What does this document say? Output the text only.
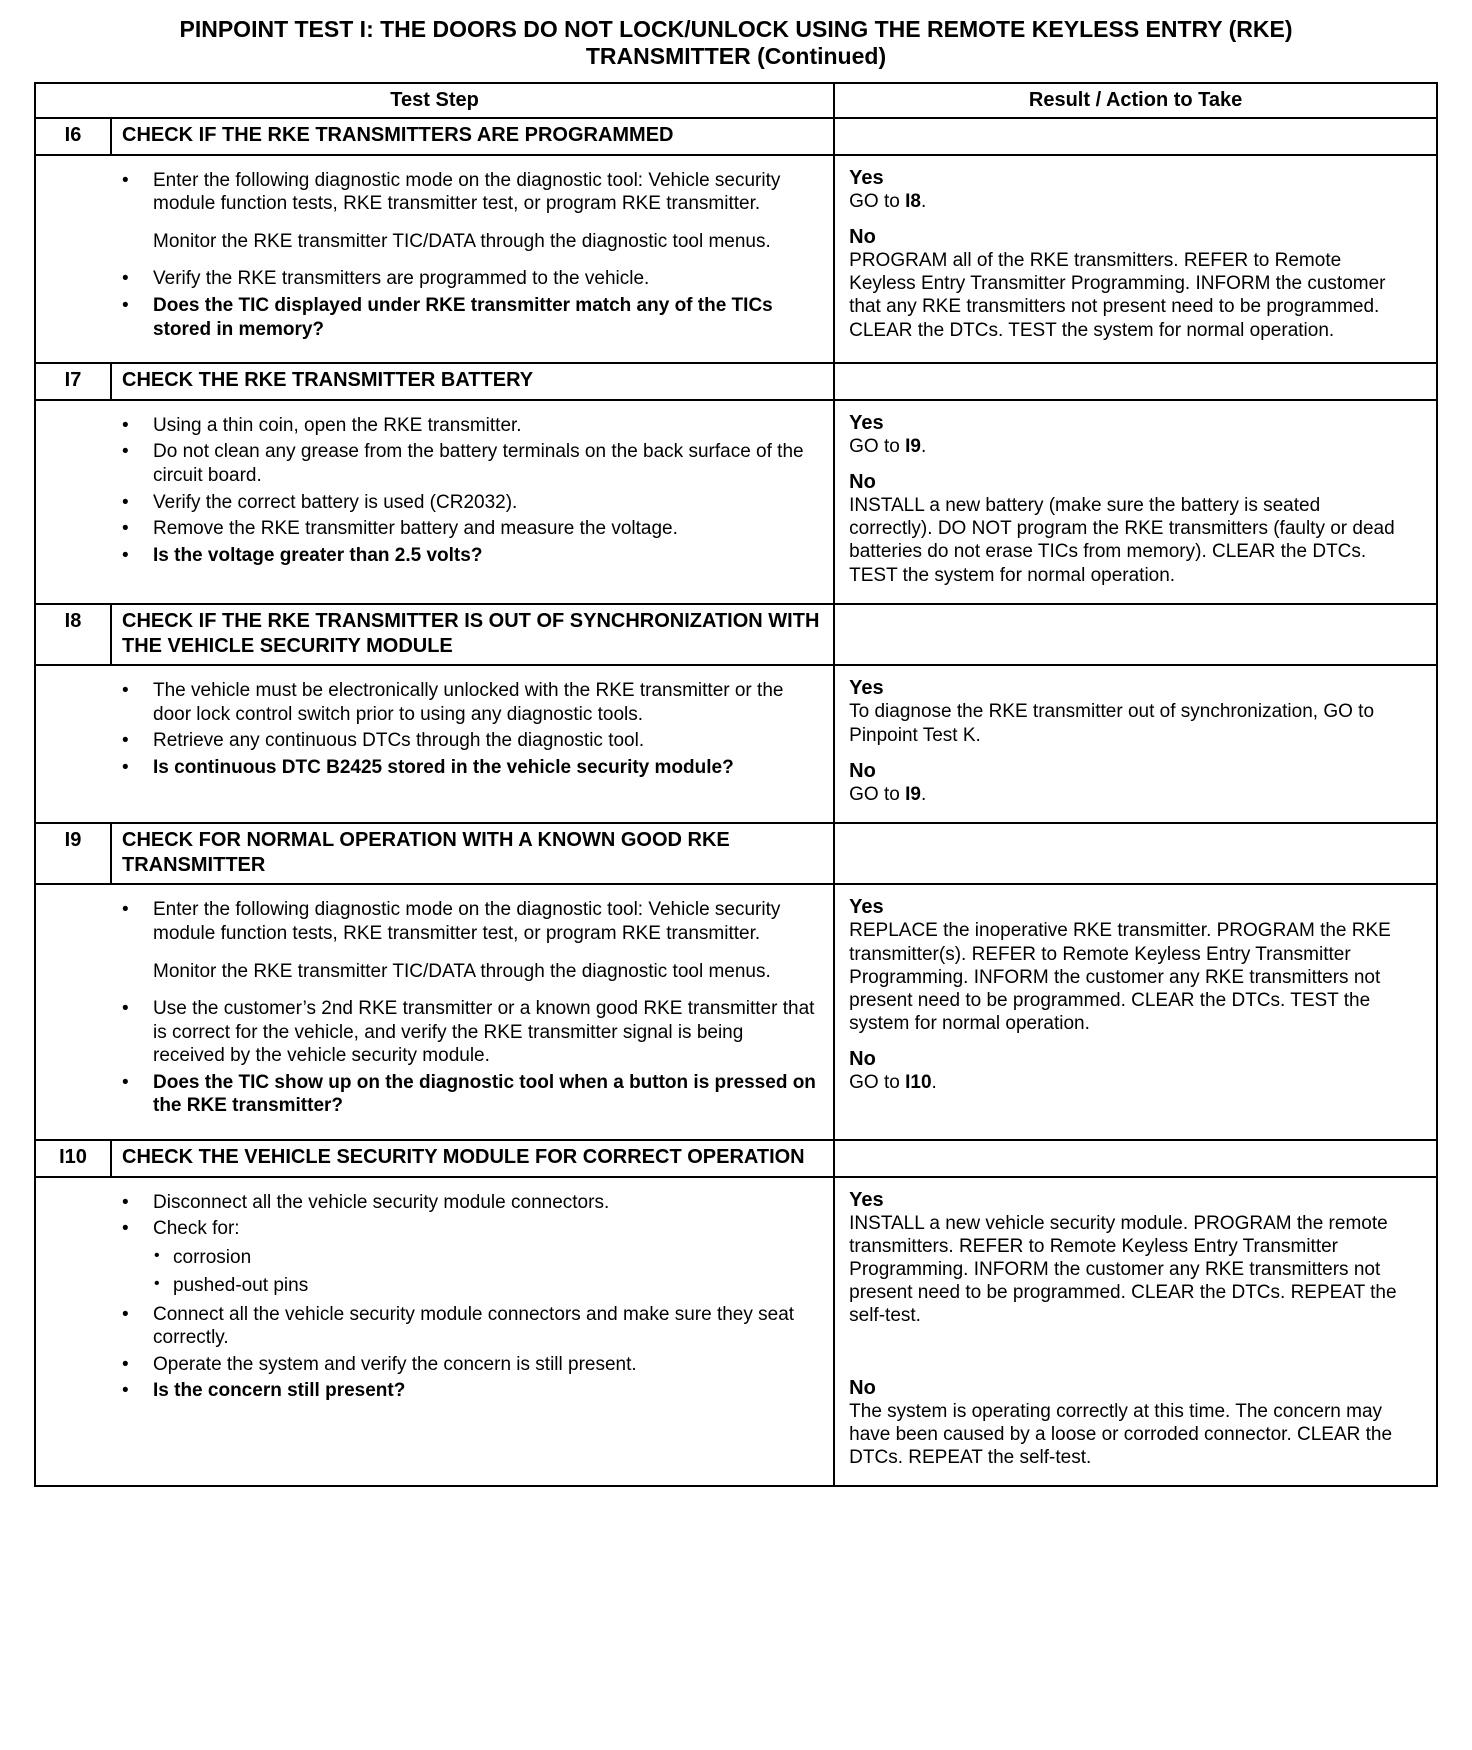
PINPOINT TEST I: THE DOORS DO NOT LOCK/UNLOCK USING THE REMOTE KEYLESS ENTRY (RKE)
TRANSMITTER (Continued)
Test Step		Result / Action to Take
I6	CHECK IF THE RKE TRANSMITTERS ARE PROGRAMMED	

•	Enter the following diagnostic mode on the diagnostic tool: Vehicle security module function tests, RKE transmitter test, or program RKE transmitter.
Monitor the RKE transmitter TIC/DATA through the diagnostic tool menus.
•	Verify the RKE transmitters are programmed to the vehicle.
•	Does the TIC displayed under RKE transmitter match any of the TICs stored in memory?

Yes
GO to I8.
No
PROGRAM all of the RKE transmitters. REFER to Remote Keyless Entry Transmitter Programming. INFORM the customer that any RKE transmitters not present need to be programmed. CLEAR the DTCs. TEST the system for normal operation.

I7	CHECK THE RKE TRANSMITTER BATTERY	

•	Using a thin coin, open the RKE transmitter.
•	Do not clean any grease from the battery terminals on the back surface of the circuit board.
•	Verify the correct battery is used (CR2032).
•	Remove the RKE transmitter battery and measure the voltage.
•	Is the voltage greater than 2.5 volts?

Yes
GO to I9.
No
INSTALL a new battery (make sure the battery is seated correctly). DO NOT program the RKE transmitters (faulty or dead batteries do not erase TICs from memory). CLEAR the DTCs. TEST the system for normal operation.

I8	CHECK IF THE RKE TRANSMITTER IS OUT OF SYNCHRONIZATION WITH THE VEHICLE SECURITY MODULE	

•	The vehicle must be electronically unlocked with the RKE transmitter or the door lock control switch prior to using any diagnostic tools.
•	Retrieve any continuous DTCs through the diagnostic tool.
•	Is continuous DTC B2425 stored in the vehicle security module?

Yes
To diagnose the RKE transmitter out of synchronization, GO to Pinpoint Test K.
No
GO to I9.

I9	CHECK FOR NORMAL OPERATION WITH A KNOWN GOOD RKE TRANSMITTER	

•	Enter the following diagnostic mode on the diagnostic tool: Vehicle security module function tests, RKE transmitter test, or program RKE transmitter.
Monitor the RKE transmitter TIC/DATA through the diagnostic tool menus.
•	Use the customer’s 2nd RKE transmitter or a known good RKE transmitter that is correct for the vehicle, and verify the RKE transmitter signal is being received by the vehicle security module.
•	Does the TIC show up on the diagnostic tool when a button is pressed on the RKE transmitter?

Yes
REPLACE the inoperative RKE transmitter. PROGRAM the RKE transmitter(s). REFER to Remote Keyless Entry Transmitter Programming. INFORM the customer any RKE transmitters not present need to be programmed. CLEAR the DTCs. TEST the system for normal operation.
No
GO to I10.

I10	CHECK THE VEHICLE SECURITY MODULE FOR CORRECT OPERATION	

•	Disconnect all the vehicle security module connectors.
•	Check for:
• corrosion
• pushed-out pins
•	Connect all the vehicle security module connectors and make sure they seat correctly.
•	Operate the system and verify the concern is still present.
•	Is the concern still present?

Yes
INSTALL a new vehicle security module. PROGRAM the remote transmitters. REFER to Remote Keyless Entry Transmitter Programming. INFORM the customer any RKE transmitters not present need to be programmed. CLEAR the DTCs. REPEAT the self-test.
No
The system is operating correctly at this time. The concern may have been caused by a loose or corroded connector. CLEAR the DTCs. REPEAT the self-test.
